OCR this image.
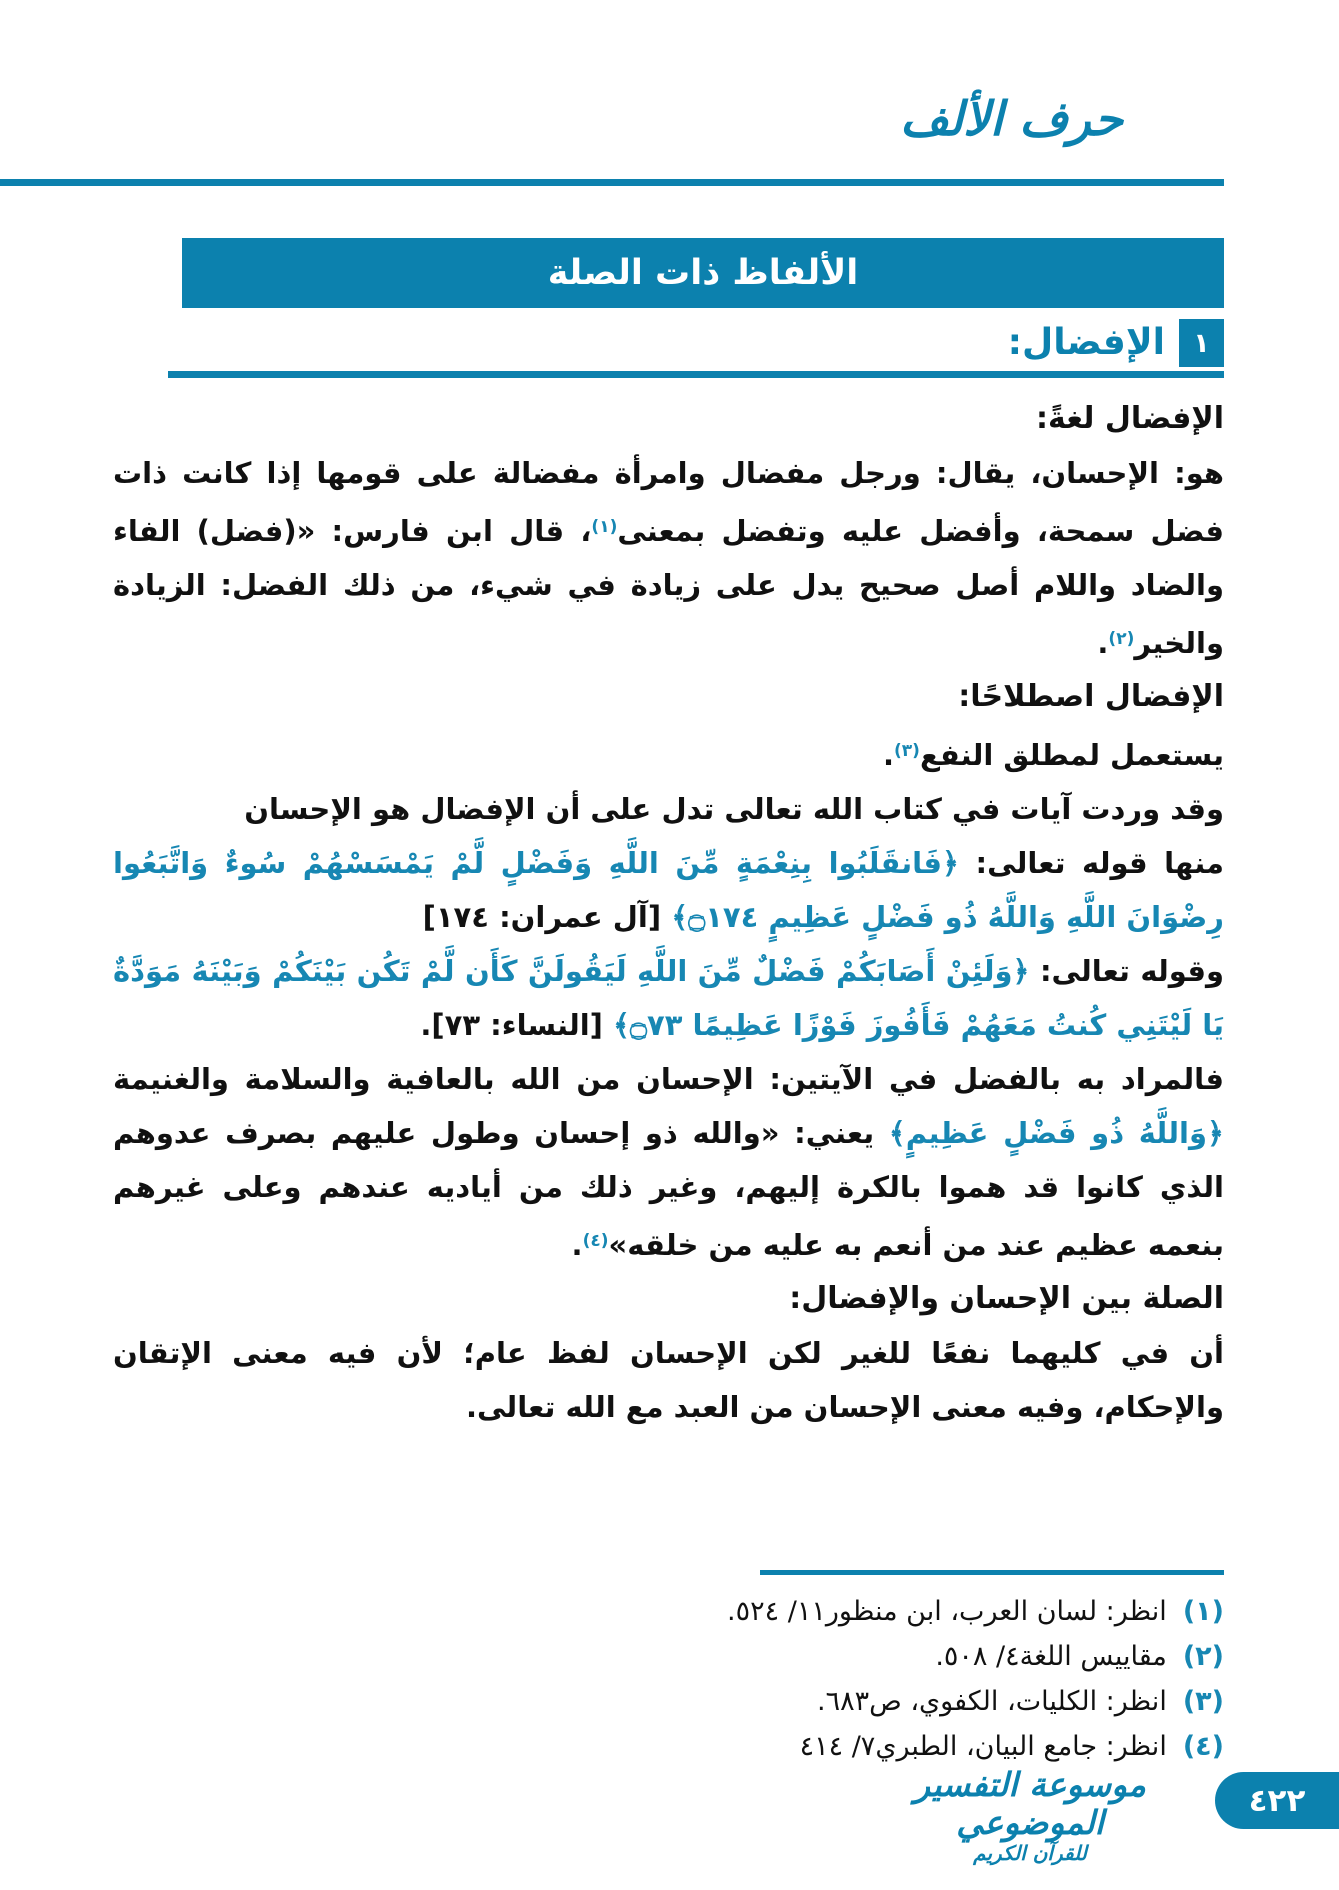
حرف الألف
الألفاظ ذات الصلة
١
الإفضال:
الإفضال لغةً:

هو: الإحسان، يقال: ورجل مفضال وامرأة مفضالة على قومها إذا كانت ذات فضل سمحة، وأفضل عليه وتفضل بمعنى$^{(١)}$، قال ابن فارس: «(فضل) الفاء والضاد واللام أصل صحيح يدل على زيادة في شيء، من ذلك الفضل: الزيادة والخير$^{(٢)}$.

الإفضال اصطلاحًا:

يستعمل لمطلق النفع$^{(٣)}$.

وقد وردت آيات في كتاب الله تعالى تدل على أن الإفضال هو الإحسان

منها قوله تعالى: ﴿فَانقَلَبُوا بِنِعْمَةٍ مِّنَ اللَّهِ وَفَضْلٍ لَّمْ يَمْسَسْهُمْ سُوءٌ وَاتَّبَعُوا رِضْوَانَ اللَّهِ وَاللَّهُ ذُو فَضْلٍ عَظِيمٍ ۝١٧٤﴾ [آل عمران: ١٧٤]

وقوله تعالى: ﴿وَلَئِنْ أَصَابَكُمْ فَضْلٌ مِّنَ اللَّهِ لَيَقُولَنَّ كَأَن لَّمْ تَكُن بَيْنَكُمْ وَبَيْنَهُ مَوَدَّةٌ يَا لَيْتَنِي كُنتُ مَعَهُمْ فَأَفُوزَ فَوْزًا عَظِيمًا ۝٧٣﴾ [النساء: ٧٣].

فالمراد به بالفضل في الآيتين: الإحسان من الله بالعافية والسلامة والغنيمة ﴿وَاللَّهُ ذُو فَضْلٍ عَظِيمٍ﴾ يعني: «والله ذو إحسان وطول عليهم بصرف عدوهم الذي كانوا قد هموا بالكرة إليهم، وغير ذلك من أياديه عندهم وعلى غيرهم بنعمه عظيم عند من أنعم به عليه من خلقه»$^{(٤)}$.

الصلة بين الإحسان والإفضال:

أن في كليهما نفعًا للغير لكن الإحسان لفظ عام؛ لأن فيه معنى الإتقان والإحكام، وفيه معنى الإحسان من العبد مع الله تعالى.

(١)انظر: لسان العرب، ابن منظور١١/ ٥٢٤.
(٢)مقاييس اللغة٤/ ٥٠٨.
(٣)انظر: الكليات، الكفوي، ص٦٨٣.
(٤)انظر: جامع البيان، الطبري٧/ ٤١٤
موسوعة التفسير الموضوعي
للقرآن الكريم
٤٢٢
